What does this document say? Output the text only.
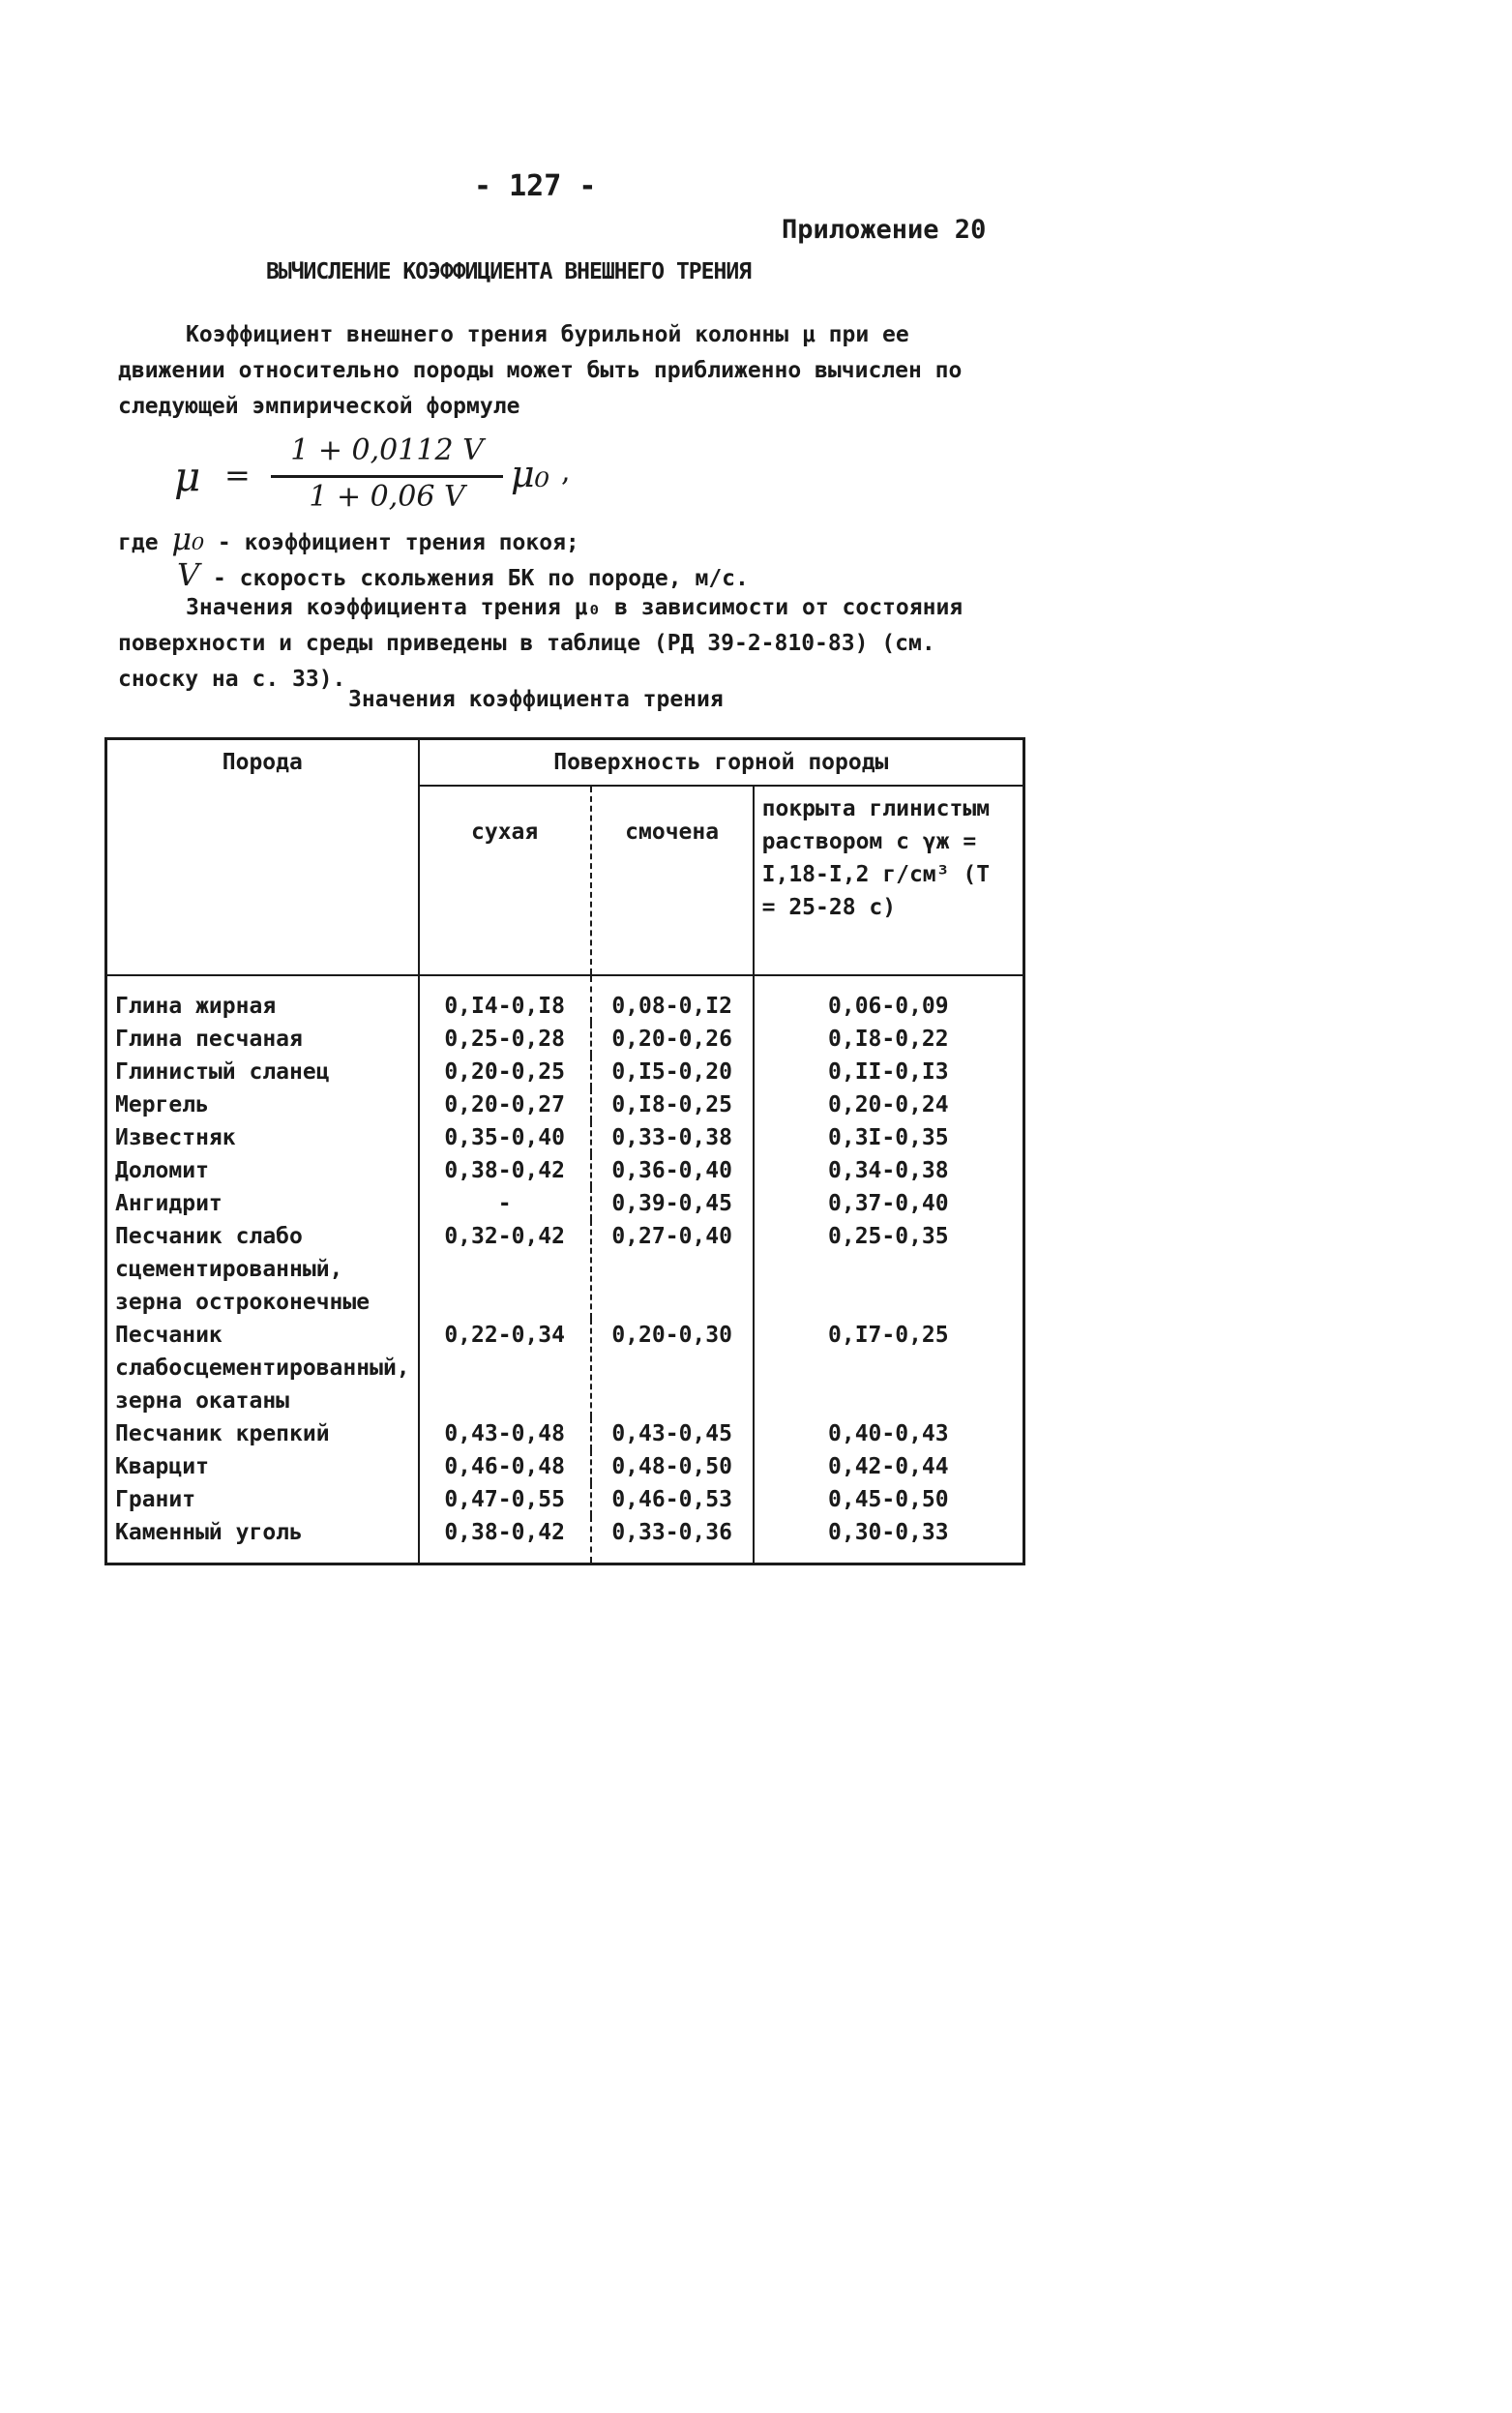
- 127 -
Приложение 20
ВЫЧИСЛЕНИЕ КОЭФФИЦИЕНТА ВНЕШНЕГО ТРЕНИЯ

Коэффициент внешнего трения бурильной колонны μ при ее движении относительно породы может быть приближенно вычислен по следующей эмпирической формуле

μ =
1 + 0,0112 V
1 + 0,06 V
μ₀ ,
где μ₀ - коэффициент трения покоя;
V - скорость скольжения БК по породе, м/с.

Значения коэффициента трения μ₀ в зависимости от состояния поверхности и среды приведены в таблице (РД 39-2-810-83) (см. сноску на с. 33).

Значения коэффициента трения
Порода	Поверхность горной породы		
	сухая	смочена	покрыта глинистым раствором с γж = I,18-I,2 г/см³ (T = 25-28 с)
Глина жирная	0,I4-0,I8	0,08-0,I2	0,06-0,09
Глина песчаная	0,25-0,28	0,20-0,26	0,I8-0,22
Глинистый сланец	0,20-0,25	0,I5-0,20	0,II-0,I3
Мергель	0,20-0,27	0,I8-0,25	0,20-0,24
Известняк	0,35-0,40	0,33-0,38	0,3I-0,35
Доломит	0,38-0,42	0,36-0,40	0,34-0,38
Ангидрит	-	0,39-0,45	0,37-0,40
Песчаник слабо сцементированный, зерна остроконечные	0,32-0,42	0,27-0,40	0,25-0,35
Песчаник слабосцементированный, зерна окатаны	0,22-0,34	0,20-0,30	0,I7-0,25
Песчаник крепкий	0,43-0,48	0,43-0,45	0,40-0,43
Кварцит	0,46-0,48	0,48-0,50	0,42-0,44
Гранит	0,47-0,55	0,46-0,53	0,45-0,50
Каменный уголь	0,38-0,42	0,33-0,36	0,30-0,33
